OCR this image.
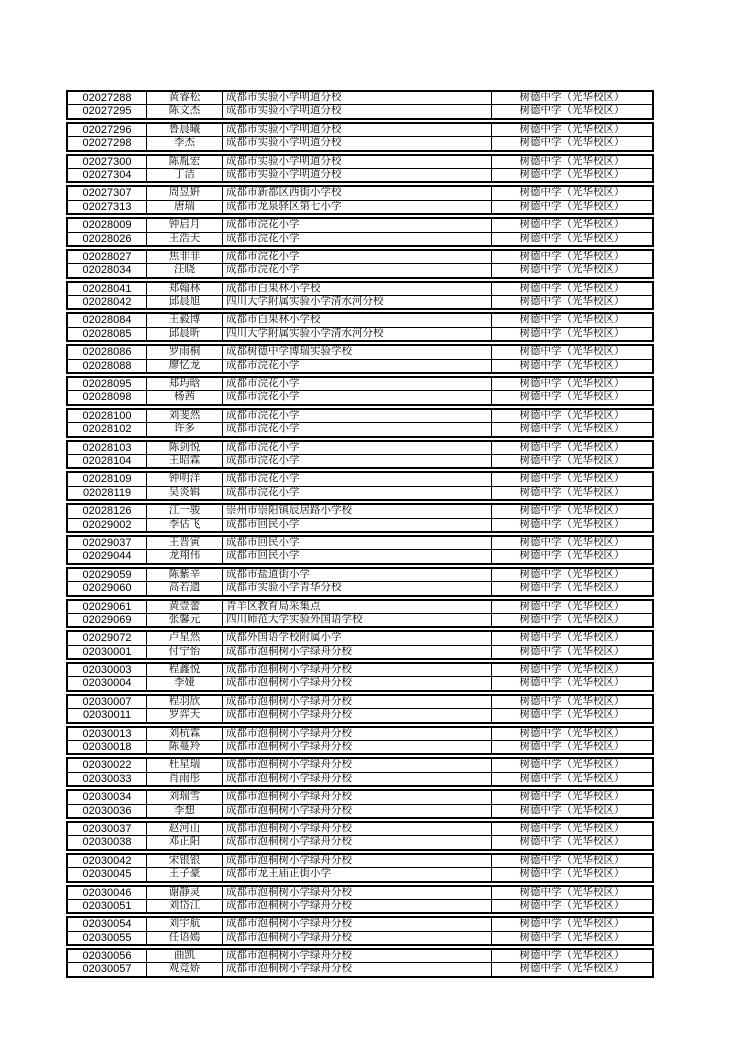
02027288	黄睿松	成都市实验小学明道分校	树德中学（光华校区）
02027295	陈文杰	成都市实验小学明道分校	树德中学（光华校区）
02027296	鲁晨曦	成都市实验小学明道分校	树德中学（光华校区）
02027298	李杰	成都市实验小学明道分校	树德中学（光华校区）
02027300	陈胤宏	成都市实验小学明道分校	树德中学（光华校区）
02027304	丁洁	成都市实验小学明道分校	树德中学（光华校区）
02027307	周昱姸	成都市新都区西街小学校	树德中学（光华校区）
02027313	唐瑞	成都市龙泉驿区第七小学	树德中学（光华校区）
02028009	钟启月	成都市浣花小学	树德中学（光华校区）
02028026	王浩天	成都市浣花小学	树德中学（光华校区）
02028027	焦非非	成都市浣花小学	树德中学（光华校区）
02028034	汪晓	成都市浣花小学	树德中学（光华校区）
02028041	郑翰林	成都市白果林小学校	树德中学（光华校区）
02028042	邱晨旭	四川大学附属实验小学清水河分校	树德中学（光华校区）
02028084	王毅博	成都市白果林小学校	树德中学（光华校区）
02028085	邱晨昕	四川大学附属实验小学清水河分校	树德中学（光华校区）
02028086	罗雨桐	成都树德中学博瑞实验学校	树德中学（光华校区）
02028088	廖忆龙	成都市浣花小学	树德中学（光华校区）
02028095	郑玙晗	成都市浣花小学	树德中学（光华校区）
02028098	杨茜	成都市浣花小学	树德中学（光华校区）
02028100	刘斐然	成都市浣花小学	树德中学（光华校区）
02028102	许多	成都市浣花小学	树德中学（光华校区）
02028103	陈剑悦	成都市浣花小学	树德中学（光华校区）
02028104	王昭霖	成都市浣花小学	树德中学（光华校区）
02028109	钟明洋	成都市浣花小学	树德中学（光华校区）
02028119	吴炎辑	成都市浣花小学	树德中学（光华校区）
02028126	江一骏	崇州市崇阳镇辰居路小学校	树德中学（光华校区）
02029002	李估飞	成都市回民小学	树德中学（光华校区）
02029037	王晋寅	成都市回民小学	树德中学（光华校区）
02029044	龙翔伟	成都市回民小学	树德中学（光华校区）
02029059	陈紫辛	成都市盐道街小学	树德中学（光华校区）
02029060	高若遗	成都市实验小学青华分校	树德中学（光华校区）
02029061	黄壹蕾	青羊区教育局采集点	树德中学（光华校区）
02029069	张馨元	四川师范大学实验外国语学校	树德中学（光华校区）
02029072	卢星然	成都外国语学校附属小学	树德中学（光华校区）
02030001	付宁怡	成都市泡桐树小学绿舟分校	树德中学（光华校区）
02030003	程鑫悦	成都市泡桐树小学绿舟分校	树德中学（光华校区）
02030004	李娅	成都市泡桐树小学绿舟分校	树德中学（光华校区）
02030007	程羽欣	成都市泡桐树小学绿舟分校	树德中学（光华校区）
02030011	罗弈天	成都市泡桐树小学绿舟分校	树德中学（光华校区）
02030013	刘杭霖	成都市泡桐树小学绿舟分校	树德中学（光华校区）
02030018	陈蔓羚	成都市泡桐树小学绿舟分校	树德中学（光华校区）
02030022	杜星瑞	成都市泡桐树小学绿舟分校	树德中学（光华校区）
02030033	肖雨彤	成都市泡桐树小学绿舟分校	树德中学（光华校区）
02030034	刘瑞雪	成都市泡桐树小学绿舟分校	树德中学（光华校区）
02030036	李想	成都市泡桐树小学绿舟分校	树德中学（光华校区）
02030037	赵河山	成都市泡桐树小学绿舟分校	树德中学（光华校区）
02030038	邓正阳	成都市泡桐树小学绿舟分校	树德中学（光华校区）
02030042	宋银银	成都市泡桐树小学绿舟分校	树德中学（光华校区）
02030045	王子豪	成都市龙王庙正街小学	树德中学（光华校区）
02030046	谢静灵	成都市泡桐树小学绿舟分校	树德中学（光华校区）
02030051	刘岱江	成都市泡桐树小学绿舟分校	树德中学（光华校区）
02030054	刘宇航	成都市泡桐树小学绿舟分校	树德中学（光华校区）
02030055	任语嫣	成都市泡桐树小学绿舟分校	树德中学（光华校区）
02030056	曲凯	成都市泡桐树小学绿舟分校	树德中学（光华校区）
02030057	观竞娇	成都市泡桐树小学绿舟分校	树德中学（光华校区）
